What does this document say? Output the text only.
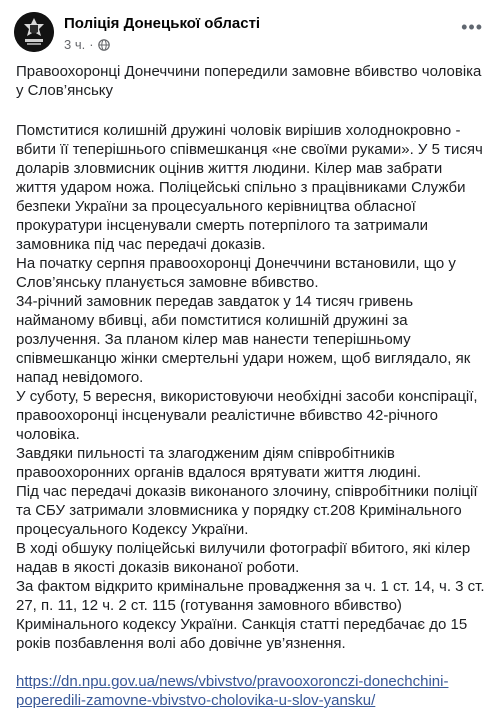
Поліція Донецької області
3 ч. ·
•••

Правоохоронці Донеччини попередили замовне вбивство чоловіка у Слов’янську

Помститися колишній дружині чоловік вирішив холоднокровно - вбити її теперішнього співмешканця «не своїми руками». У 5 тисяч доларів зловмисник оцінив життя людини. Кілер мав забрати життя ударом ножа. Поліцейські спільно з працівниками Служби безпеки України за процесуального керівництва обласної прокуратури інсценували смерть потерпілого та затримали замовника під час передачі доказів.

На початку серпня правоохоронці Донеччини встановили, що у Слов’янську планується замовне вбивство.

34-річний замовник передав завдаток у 14 тисяч гривень найманому вбивці, аби помститися колишній дружині за розлучення. За планом кілер мав нанести теперішньому співмешканцю жінки смертельні удари ножем, щоб виглядало, як напад невідомого.

У суботу, 5 вересня, використовуючи необхідні засоби конспірації, правоохоронці інсценували реалістичне вбивство 42-річного чоловіка.

Завдяки пильності та злагодженим діям співробітників правоохоронних органів вдалося врятувати життя людині.

Під час передачі доказів виконаного злочину, співробітники поліції та СБУ затримали зловмисника у порядку ст.208 Кримінального процесуального Кодексу України.

В ході обшуку поліцейські вилучили фотографії вбитого, які кілер надав в якості доказів виконаної роботи.

За фактом відкрито кримінальне провадження за ч. 1 ст. 14, ч. 3 ст. 27, п. 11, 12 ч. 2 ст. 115 (готування замовного вбивство) Кримінального кодексу України. Санкція статті передбачає до 15 років позбавлення волі або довічне ув’язнення.

https://dn.npu.gov.ua/news/vbivstvo/pravooxoronczi-donechchini-poperedili-zamovne-vbivstvo-cholovika-u-slov-yansku/
